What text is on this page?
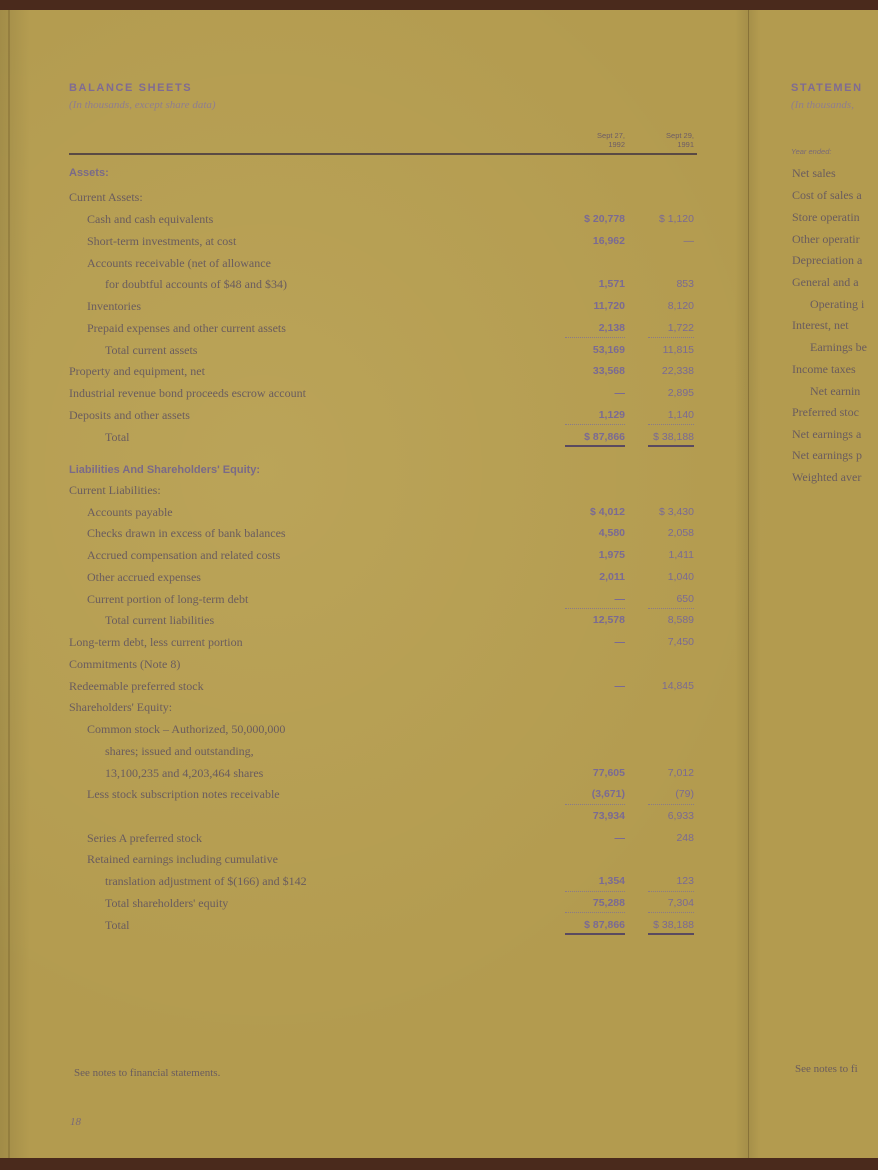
BALANCE SHEETS
(In thousands, except share data)
Sept 27,
1992
Sept 29,
1991
Assets:
Current Assets:
Cash and cash equivalents	$ 20,778	$ 1,120
Short-term investments, at cost	16,962	—
Accounts receivable (net of allowance
for doubtful accounts of $48 and $34)	1,571	853
Inventories	11,720	8,120
Prepaid expenses and other current assets	2,138	1,722
Total current assets	53,169	11,815
Property and equipment, net	33,568	22,338
Industrial revenue bond proceeds escrow account	—	2,895
Deposits and other assets	1,129	1,140
Total	$ 87,866	$ 38,188
Liabilities And Shareholders' Equity:
Current Liabilities:
Accounts payable	$ 4,012	$ 3,430
Checks drawn in excess of bank balances	4,580	2,058
Accrued compensation and related costs	1,975	1,411
Other accrued expenses	2,011	1,040
Current portion of long-term debt	—	650
Total current liabilities	12,578	8,589
Long-term debt, less current portion	—	7,450
Commitments (Note 8)
Redeemable preferred stock	—	14,845
Shareholders' Equity:
Common stock – Authorized, 50,000,000
shares; issued and outstanding,
13,100,235 and 4,203,464 shares	77,605	7,012
Less stock subscription notes receivable	(3,671)	(79)
73,934	6,933
Series A preferred stock	—	248
Retained earnings including cumulative
translation adjustment of $(166) and $142	1,354	123
Total shareholders' equity	75,288	7,304
Total	$ 87,866	$ 38,188
See notes to financial statements.
18
STATEMEN
(In thousands,
Year ended:
Net sales
Cost of sales a
Store operatin
Other operatir
Depreciation a
General and a
Operating i
Interest, net
Earnings be
Income taxes
Net earnin
Preferred stoc
Net earnings a
Net earnings p
Weighted aver
See notes to fi
